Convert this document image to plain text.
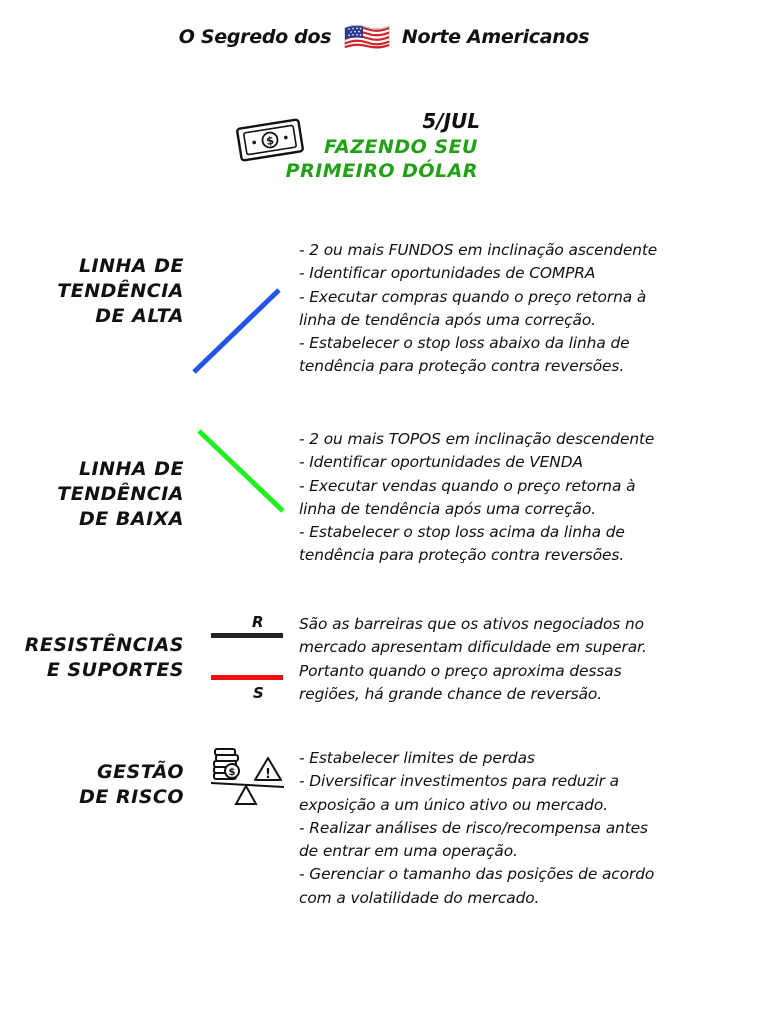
O Segredo dos	Norte Americanos
$
5/JUL
FAZENDO SEU
PRIMEIRO DÓLAR
LINHA DE
TENDÊNCIA
DE ALTA
- 2 ou mais FUNDOS em inclinação ascendente
- Identificar oportunidades de COMPRA
- Executar compras quando o preço retorna à
linha de tendência após uma correção.
- Estabelecer o stop loss abaixo da linha de
tendência para proteção contra reversões.
LINHA DE
TENDÊNCIA
DE BAIXA
- 2 ou mais TOPOS em inclinação descendente
- Identificar oportunidades de VENDA
- Executar vendas quando o preço retorna à
linha de tendência após uma correção.
- Estabelecer o stop loss acima da linha de
tendência para proteção contra reversões.
RESISTÊNCIAS
E SUPORTES
R
S
São as barreiras que os ativos negociados no
mercado apresentam dificuldade em superar.
Portanto quando o preço aproxima dessas
regiões, há grande chance de reversão.
GESTÃO
DE RISCO
$ !
- Estabelecer limites de perdas
- Diversificar investimentos para reduzir a
exposição a um único ativo ou mercado.
- Realizar análises de risco/recompensa antes
de entrar em uma operação.
- Gerenciar o tamanho das posições de acordo
com a volatilidade do mercado.
